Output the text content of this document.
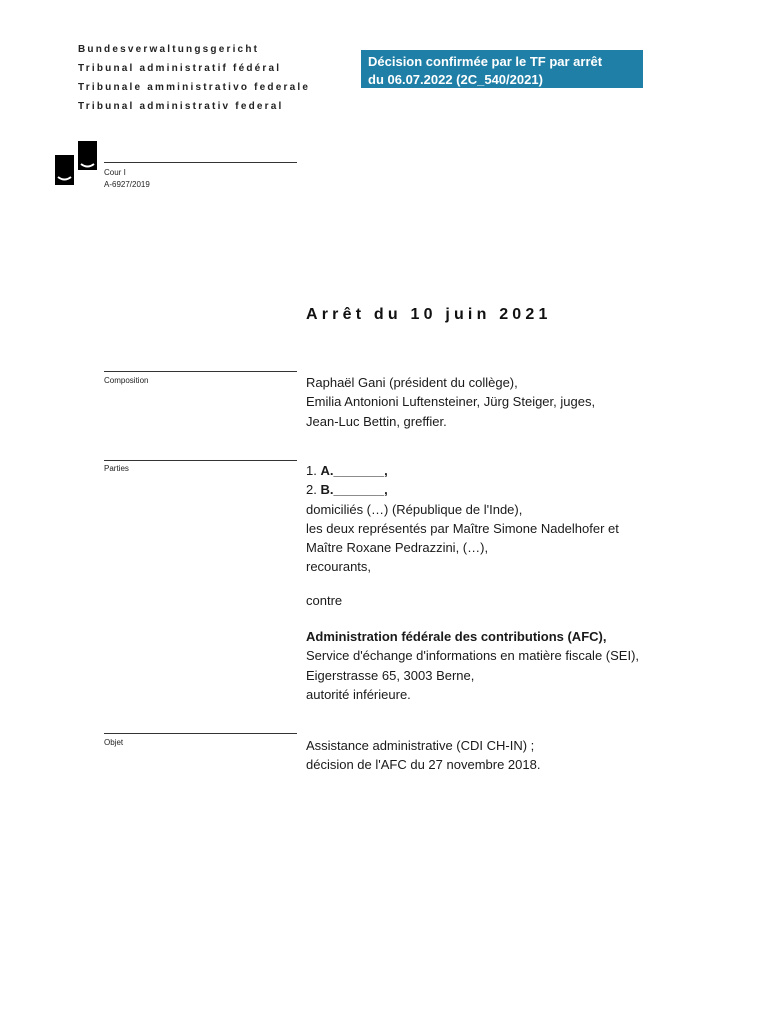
Bundesverwaltungsgericht
Tribunal administratif fédéral
Tribunale amministrativo federale
Tribunal administrativ federal
Décision confirmée par le TF par arrêt
du 06.07.2022 (2C_540/2021)
Cour I
A-6927/2019
Arrêt du 10 juin 2021
Composition	Raphaël Gani (président du collège),
Emilia Antonioni Luftensteiner, Jürg Steiger, juges,
Jean-Luc Bettin, greffier.
Parties	1. A._______,
2. B._______,
domiciliés (…) (République de l'Inde),
les deux représentés par Maître Simone Nadelhofer et
Maître Roxane Pedrazzini, (…),
recourants,
contre
Administration fédérale des contributions (AFC),
Service d'échange d'informations en matière fiscale (SEI),
Eigerstrasse 65, 3003 Berne,
autorité inférieure.
Objet	Assistance administrative (CDI CH-IN) ;
décision de l'AFC du 27 novembre 2018.
